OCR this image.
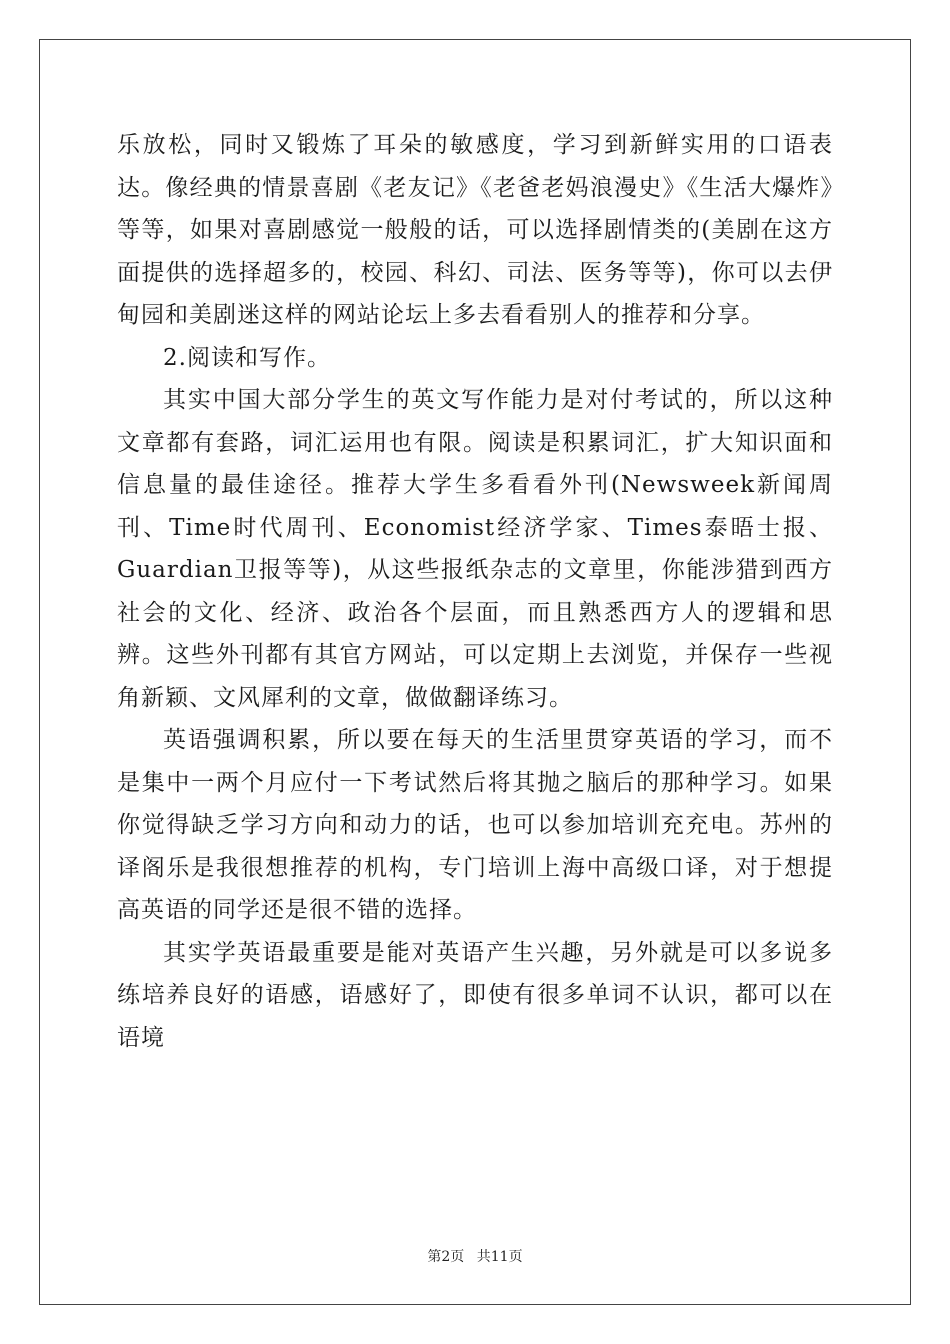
乐放松，同时又锻炼了耳朵的敏感度，学习到新鲜实用的口语表达。像经典的情景喜剧《老友记》《老爸老妈浪漫史》《生活大爆炸》等等，如果对喜剧感觉一般般的话，可以选择剧情类的(美剧在这方面提供的选择超多的，校园、科幻、司法、医务等等)，你可以去伊甸园和美剧迷这样的网站论坛上多去看看别人的推荐和分享。

2.阅读和写作。

其实中国大部分学生的英文写作能力是对付考试的，所以这种文章都有套路，词汇运用也有限。阅读是积累词汇，扩大知识面和信息量的最佳途径。推荐大学生多看看外刊(Newsweek新闻周刊、Time时代周刊、Economist经济学家、Times泰晤士报、Guardian卫报等等)，从这些报纸杂志的文章里，你能涉猎到西方社会的文化、经济、政治各个层面，而且熟悉西方人的逻辑和思辨。这些外刊都有其官方网站，可以定期上去浏览，并保存一些视角新颖、文风犀利的文章，做做翻译练习。

英语强调积累，所以要在每天的生活里贯穿英语的学习，而不是集中一两个月应付一下考试然后将其抛之脑后的那种学习。如果你觉得缺乏学习方向和动力的话，也可以参加培训充充电。苏州的译阁乐是我很想推荐的机构，专门培训上海中高级口译，对于想提高英语的同学还是很不错的选择。

其实学英语最重要是能对英语产生兴趣，另外就是可以多说多练培养良好的语感，语感好了，即使有很多单词不认识，都可以在语境

第2页 共11页
